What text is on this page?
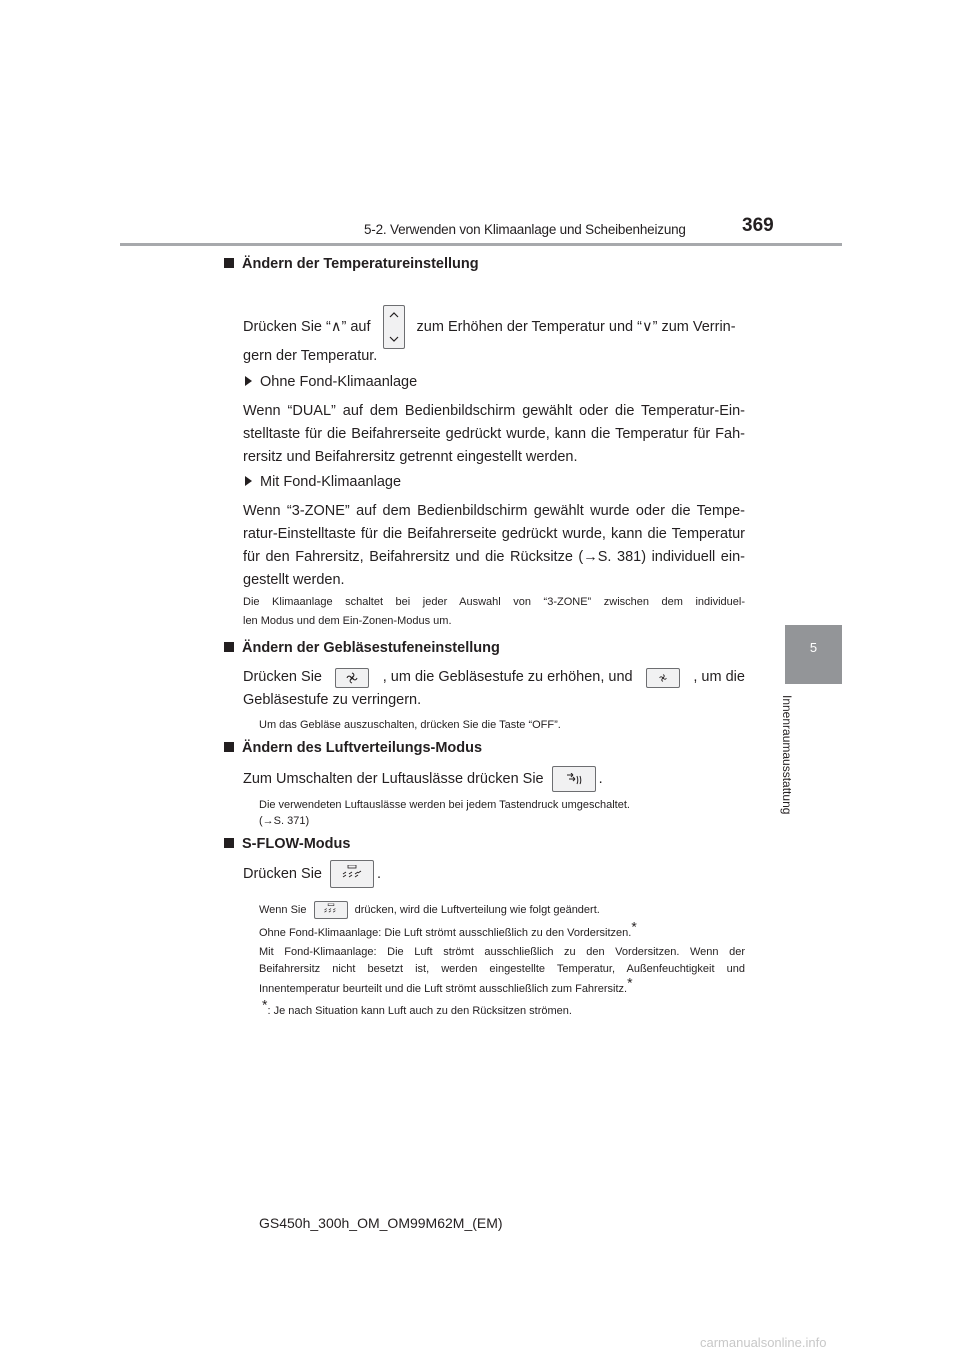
5-2. Verwenden von Klimaanlage und Scheibenheizung	369
5
Innenraumausstattung
Ändern der Temperatureinstellung
Drücken Sie “∧” auf	zum Erhöhen der Temperatur und “∨” zum Verrin-
gern der Temperatur.
Ohne Fond-Klimaanlage
Wenn “DUAL” auf dem Bedienbildschirm gewählt oder die Temperatur-Ein-
stelltaste für die Beifahrerseite gedrückt wurde, kann die Temperatur für Fah-
rersitz und Beifahrersitz getrennt eingestellt werden.
Mit Fond-Klimaanlage
Wenn “3-ZONE” auf dem Bedienbildschirm gewählt wurde oder die Tempe-
ratur-Einstelltaste für die Beifahrerseite gedrückt wurde, kann die Temperatur
für den Fahrersitz, Beifahrersitz und die Rücksitze (→S. 381) individuell ein-
gestellt werden.
Die Klimaanlage schaltet bei jeder Auswahl von “3-ZONE” zwischen dem individuel-
len Modus und dem Ein-Zonen-Modus um.
Ändern der Gebläsestufeneinstellung
Drücken Sie	, um die Gebläsestufe zu erhöhen, und	, um die
Gebläsestufe zu verringern.
Um das Gebläse auszuschalten, drücken Sie die Taste “OFF”.
Ändern des Luftverteilungs-Modus
Zum Umschalten der Luftauslässe drücken Sie	.
Die verwendeten Luftauslässe werden bei jedem Tastendruck umgeschaltet.
(→S. 371)
S-FLOW-Modus
Drücken Sie	.
Wenn Sie	drücken, wird die Luftverteilung wie folgt geändert.
Ohne Fond-Klimaanlage: Die Luft strömt ausschließlich zu den Vordersitzen.*
Mit Fond-Klimaanlage: Die Luft strömt ausschließlich zu den Vordersitzen. Wenn der
Beifahrersitz nicht besetzt ist, werden eingestellte Temperatur, Außenfeuchtigkeit und
Innentemperatur beurteilt und die Luft strömt ausschließlich zum Fahrersitz.*
*: Je nach Situation kann Luft auch zu den Rücksitzen strömen.
GS450h_300h_OM_OM99M62M_(EM)
carmanualsonline.info
